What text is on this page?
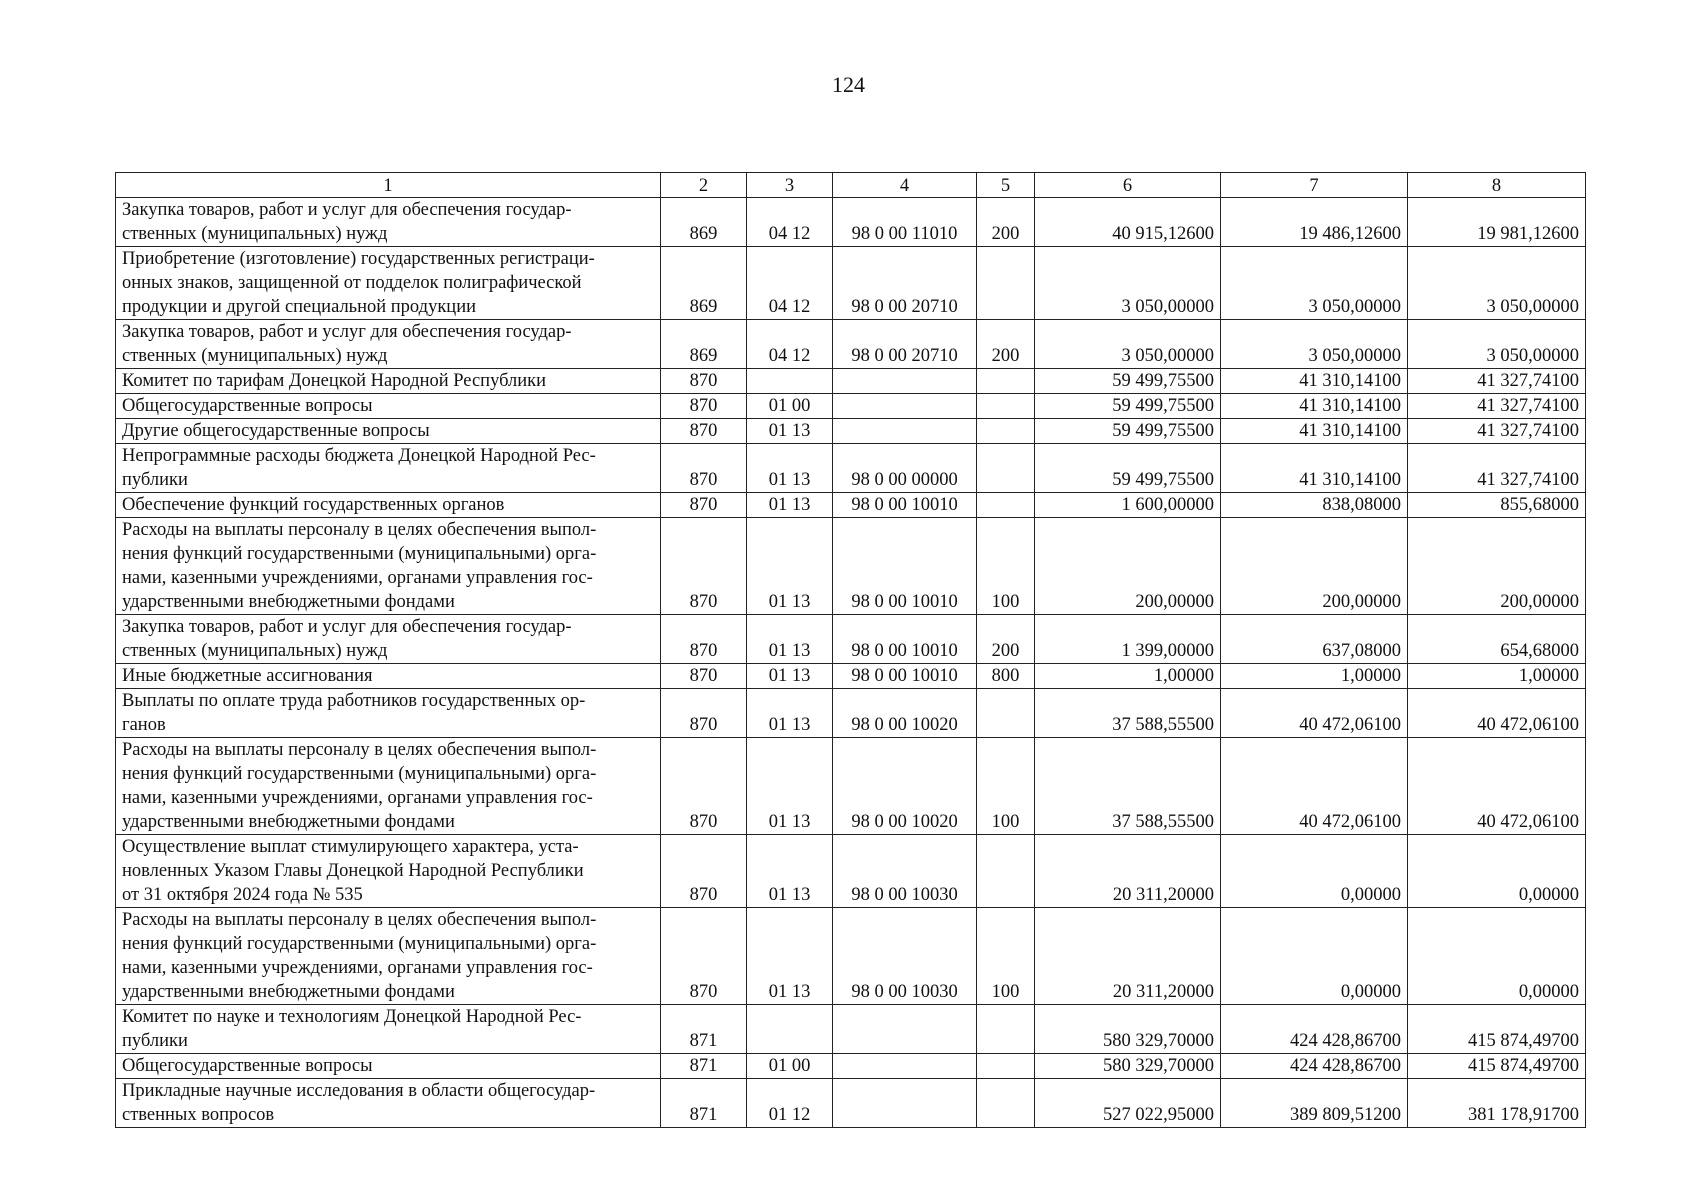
124
1	2	3	4	5	6	7	8
Закупка товаров, работ и услуг для обеспечения государ-
ственных (муниципальных) нужд	869	04 12	98 0 00 11010	200	40 915,12600	19 486,12600	19 981,12600
Приобретение (изготовление) государственных регистраци-
онных знаков, защищенной от подделок полиграфической
продукции и другой специальной продукции	869	04 12	98 0 00 20710		3 050,00000	3 050,00000	3 050,00000
Закупка товаров, работ и услуг для обеспечения государ-
ственных (муниципальных) нужд	869	04 12	98 0 00 20710	200	3 050,00000	3 050,00000	3 050,00000
Комитет по тарифам Донецкой Народной Республики	870				59 499,75500	41 310,14100	41 327,74100
Общегосударственные вопросы	870	01 00			59 499,75500	41 310,14100	41 327,74100
Другие общегосударственные вопросы	870	01 13			59 499,75500	41 310,14100	41 327,74100
Непрограммные расходы бюджета Донецкой Народной Рес-
публики	870	01 13	98 0 00 00000		59 499,75500	41 310,14100	41 327,74100
Обеспечение функций государственных органов	870	01 13	98 0 00 10010		1 600,00000	838,08000	855,68000
Расходы на выплаты персоналу в целях обеспечения выпол-
нения функций государственными (муниципальными) орга-
нами, казенными учреждениями, органами управления гос-
ударственными внебюджетными фондами	870	01 13	98 0 00 10010	100	200,00000	200,00000	200,00000
Закупка товаров, работ и услуг для обеспечения государ-
ственных (муниципальных) нужд	870	01 13	98 0 00 10010	200	1 399,00000	637,08000	654,68000
Иные бюджетные ассигнования	870	01 13	98 0 00 10010	800	1,00000	1,00000	1,00000
Выплаты по оплате труда работников государственных ор-
ганов	870	01 13	98 0 00 10020		37 588,55500	40 472,06100	40 472,06100
Расходы на выплаты персоналу в целях обеспечения выпол-
нения функций государственными (муниципальными) орга-
нами, казенными учреждениями, органами управления гос-
ударственными внебюджетными фондами	870	01 13	98 0 00 10020	100	37 588,55500	40 472,06100	40 472,06100
Осуществление выплат стимулирующего характера, уста-
новленных Указом Главы Донецкой Народной Республики
от 31 октября 2024 года № 535	870	01 13	98 0 00 10030		20 311,20000	0,00000	0,00000
Расходы на выплаты персоналу в целях обеспечения выпол-
нения функций государственными (муниципальными) орга-
нами, казенными учреждениями, органами управления гос-
ударственными внебюджетными фондами	870	01 13	98 0 00 10030	100	20 311,20000	0,00000	0,00000
Комитет по науке и технологиям Донецкой Народной Рес-
публики	871				580 329,70000	424 428,86700	415 874,49700
Общегосударственные вопросы	871	01 00			580 329,70000	424 428,86700	415 874,49700
Прикладные научные исследования в области общегосудар-
ственных вопросов	871	01 12			527 022,95000	389 809,51200	381 178,91700
